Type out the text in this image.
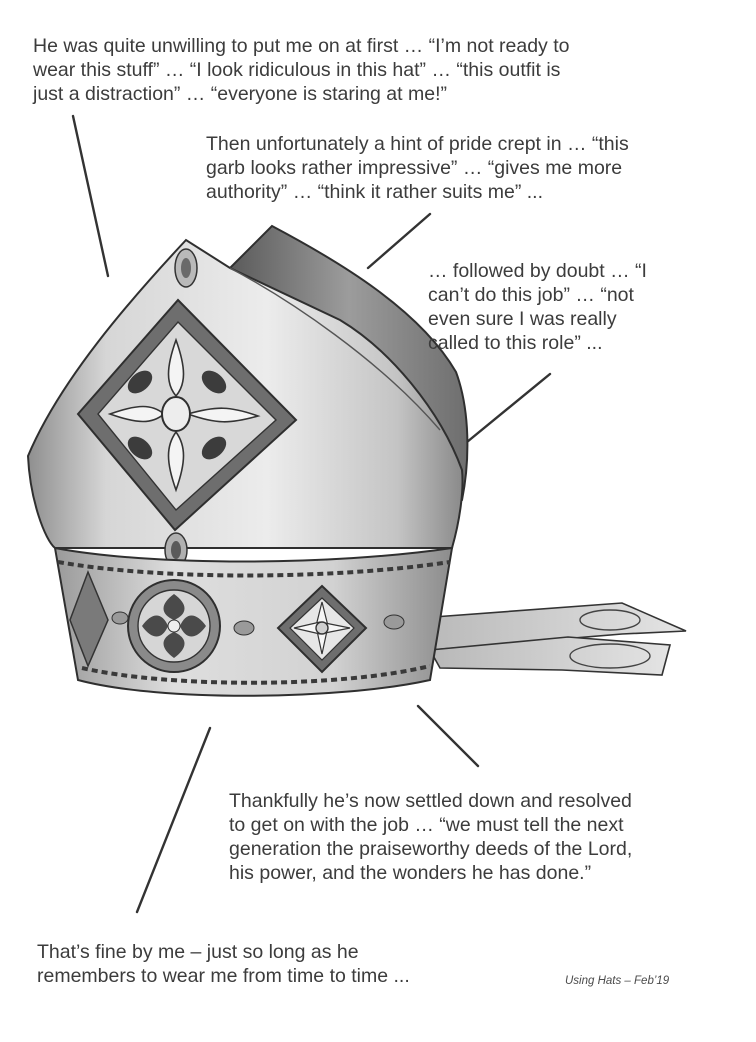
He was quite unwilling to put me on at first … “I’m not ready to
wear this stuff” … “I look ridiculous in this hat” … “this outfit is
just a distraction” … “everyone is staring at me!”

Then unfortunately a hint of pride crept in … “this
garb looks rather impressive” … “gives me more
authority” … “think it rather suits me” ...

… followed by doubt … “I
can’t do this job” … “not
even sure I was really
called to this role” ...

Thankfully he’s now settled down and resolved
to get on with the job … “we must tell the next
generation the praiseworthy deeds of the Lord,
his power, and the wonders he has done.”

That’s fine by me – just so long as he
remembers to wear me from time to time ...	Using Hats – Feb’19
